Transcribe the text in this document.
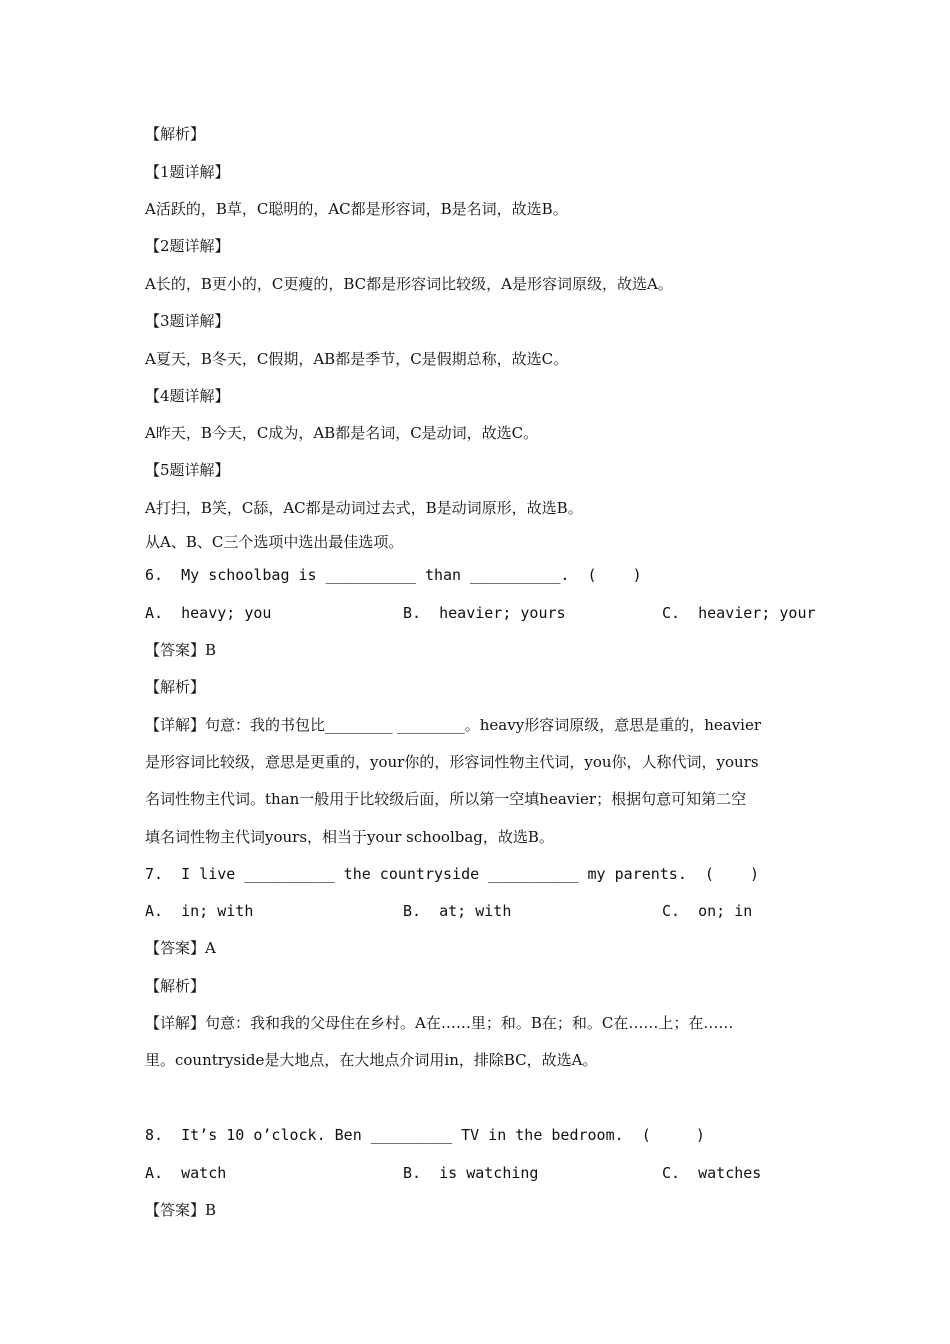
【解析】
【1题详解】
A活跃的，B草，C聪明的，AC都是形容词，B是名词，故选B。
【2题详解】
A长的，B更小的，C更瘦的，BC都是形容词比较级，A是形容词原级，故选A。
【3题详解】
A夏天，B冬天，C假期，AB都是季节，C是假期总称，故选C。
【4题详解】
A昨天，B今天，C成为，AB都是名词，C是动词，故选C。
【5题详解】
A打扫，B笑，C舔，AC都是动词过去式，B是动词原形，故选B。
从A、B、C三个选项中选出最佳选项。
6.  My schoolbag is __________ than __________.  (    )
A.  heavy; you	B.  heavier; yours	C.  heavier; your
【答案】B
【解析】
【详解】句意：我的书包比_________ _________。heavy形容词原级，意思是重的，heavier
是形容词比较级，意思是更重的，your你的，形容词性物主代词，you你，人称代词，yours
名词性物主代词。than一般用于比较级后面，所以第一空填heavier；根据句意可知第二空
填名词性物主代词yours，相当于your schoolbag，故选B。
7.  I live __________ the countryside __________ my parents.  (    )
A.  in; with	B.  at; with	C.  on; in
【答案】A
【解析】
【详解】句意：我和我的父母住在乡村。A在……里；和。B在；和。C在……上；在……
里。countryside是大地点，在大地点介词用in，排除BC，故选A。
8.  It’s 10 o’clock. Ben _________ TV in the bedroom.  (     )
A.  watch	B.  is watching	C.  watches
【答案】B
